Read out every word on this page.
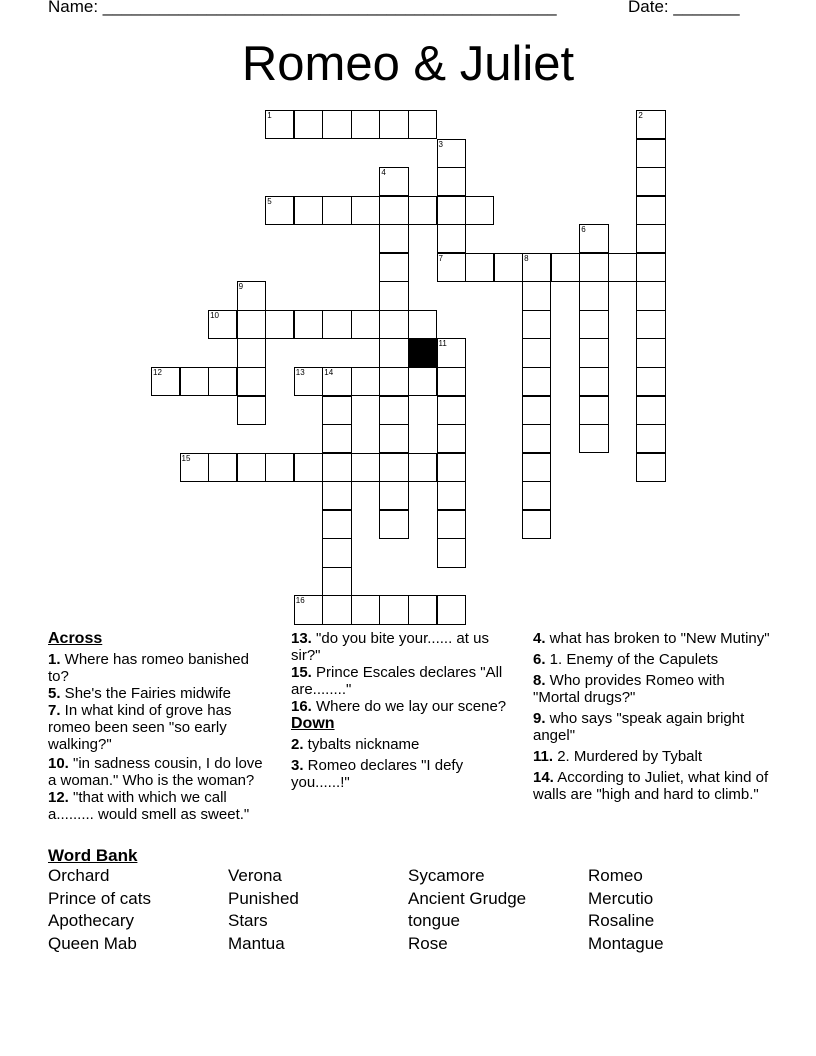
Name: ________________________________________________	Date: _______
Romeo & Juliet
1
5
7	8
10
12	13 14
15
16
2
3
4
6
9
11
Across
1. Where has romeo banished to?
5. She's the Fairies midwife
7. In what kind of grove has romeo been seen "so early walking?"
10. "in sadness cousin, I do love a woman." Who is the woman?
12. "that with which we call a......... would smell as sweet."
13. "do you bite your...... at us sir?"
15. Prince Escales declares "All are........"
16. Where do we lay our scene?
Down
2. tybalts nickname
3. Romeo declares "I defy you......!"
4. what has broken to "New Mutiny"
6. 1. Enemy of the Capulets
8. Who provides Romeo with "Mortal drugs?"
9. who says "speak again bright angel"
11. 2. Murdered by Tybalt
14. According to Juliet, what kind of walls are "high and hard to climb."
Word Bank
Orchard	Verona	Sycamore	Romeo
Prince of cats	Punished	Ancient Grudge	Mercutio
Apothecary	Stars	tongue	Rosaline
Queen Mab	Mantua	Rose	Montague
